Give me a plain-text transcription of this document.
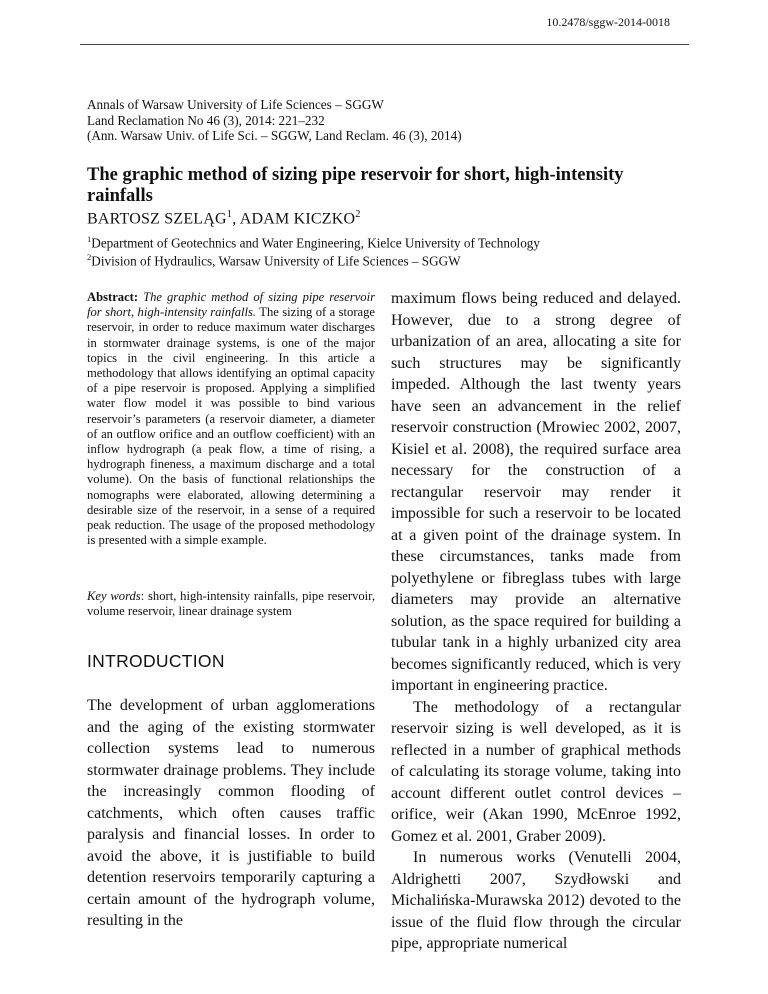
10.2478/sggw-2014-0018
Annals of Warsaw University of Life Sciences – SGGW
Land Reclamation No 46 (3), 2014: 221–232
(Ann. Warsaw Univ. of Life Sci. – SGGW, Land Reclam. 46 (3), 2014)
The graphic method of sizing pipe reservoir for short, high-intensity rainfalls
BARTOSZ SZELĄG$^1$, ADAM KICZKO$^2$
$^1$Department of Geotechnics and Water Engineering, Kielce University of Technology
$^2$Division of Hydraulics, Warsaw University of Life Sciences – SGGW
Abstract: The graphic method of sizing pipe reservoir for short, high-intensity rainfalls. The sizing of a storage reservoir, in order to reduce maximum water discharges in stormwater drainage systems, is one of the major topics in the civil engineering. In this article a methodology that allows identifying an optimal capacity of a pipe reservoir is proposed. Applying a simplified water flow model it was possible to bind various reservoir’s parameters (a reservoir diameter, a diameter of an outflow orifice and an outflow coefficient) with an inflow hydrograph (a peak flow, a time of rising, a hydrograph fineness, a maximum discharge and a total volume). On the basis of functional relationships the nomographs were elaborated, allowing determining a desirable size of the reservoir, in a sense of a required peak reduction. The usage of the proposed methodology is presented with a simple example.
Key words: short, high-intensity rainfalls, pipe reservoir, volume reservoir, linear drainage system
INTRODUCTION
The development of urban agglomerations and the aging of the existing stormwater collection systems lead to numerous stormwater drainage problems. They include the increasingly common flooding of catchments, which often causes traffic paralysis and financial losses. In order to avoid the above, it is justifiable to build detention reservoirs temporarily capturing a certain amount of the hydrograph volume, resulting in the

maximum flows being reduced and delayed. However, due to a strong degree of urbanization of an area, allocating a site for such structures may be significantly impeded. Although the last twenty years have seen an advancement in the relief reservoir construction (Mrowiec 2002, 2007, Kisiel et al. 2008), the required surface area necessary for the construction of a rectangular reservoir may render it impossible for such a reservoir to be located at a given point of the drainage system. In these circumstances, tanks made from polyethylene or fibreglass tubes with large diameters may provide an alternative solution, as the space required for building a tubular tank in a highly urbanized city area becomes significantly reduced, which is very important in engineering practice.

The methodology of a rectangular reservoir sizing is well developed, as it is reflected in a number of graphical methods of calculating its storage volume, taking into account different outlet control devices – orifice, weir (Akan 1990, McEnroe 1992, Gomez et al. 2001, Graber 2009).

In numerous works (Venutelli 2004, Aldrighetti 2007, Szydłowski and Michalińska-Murawska 2012) devoted to the issue of the fluid flow through the circular pipe, appropriate numerical
